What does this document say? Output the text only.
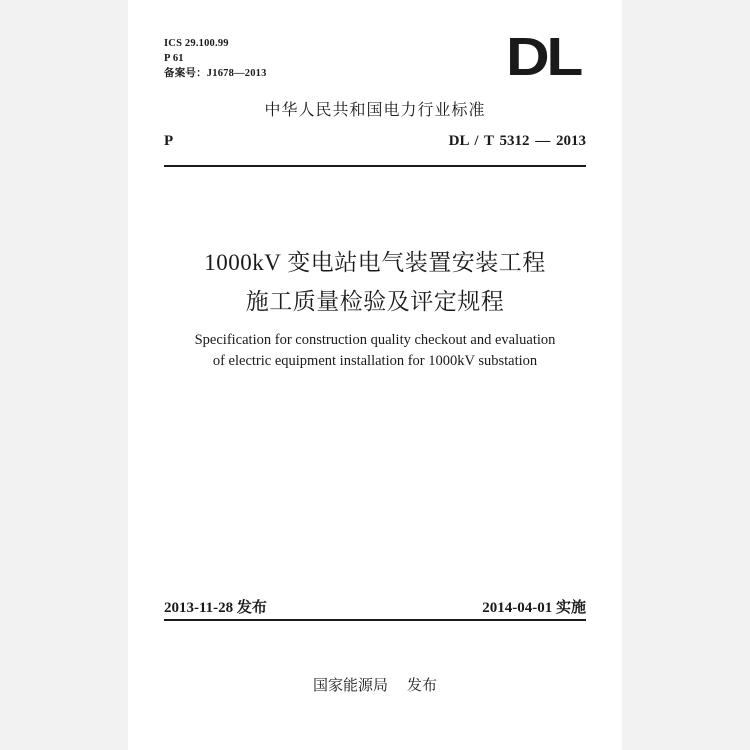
ICS 29.100.99
P 61
备案号：J1678—2013	DL
中华人民共和国电力行业标准
P	DL / T 5312 — 2013
1000kV 变电站电气装置安装工程
施工质量检验及评定规程
Specification for construction quality checkout and evaluation
of electric equipment installation for 1000kV substation
2013-11-28 发布	2014-04-01 实施
国家能源局    发布
